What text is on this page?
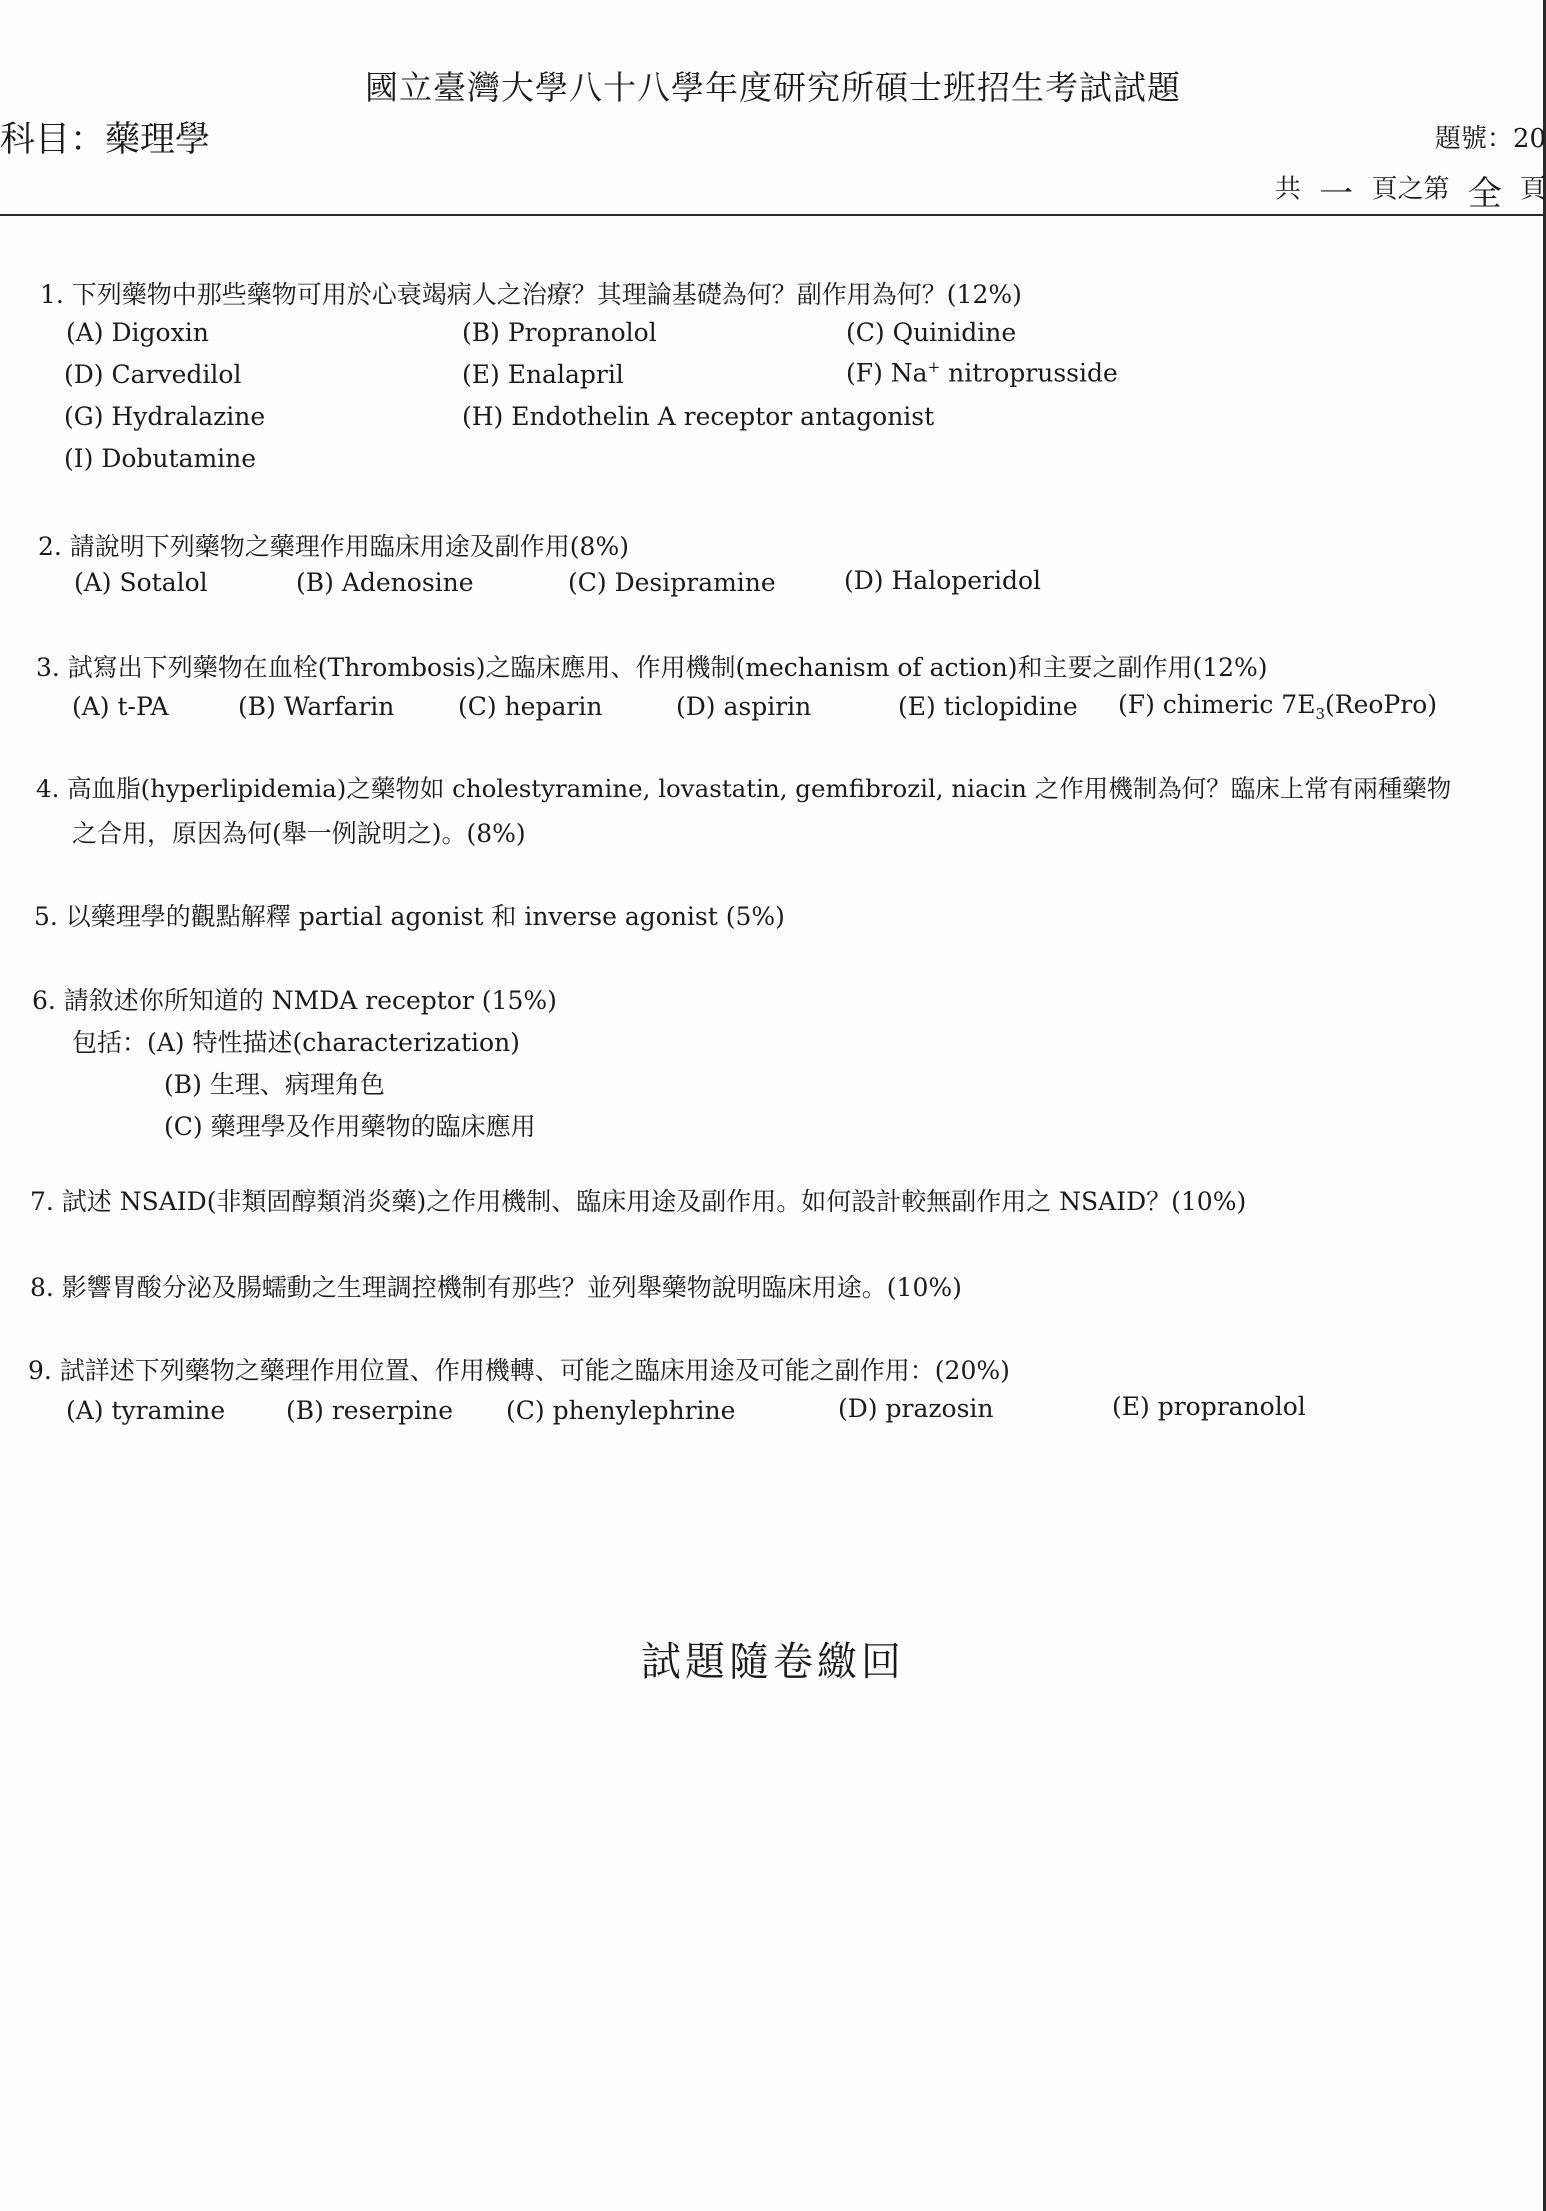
國立臺灣大學八十八學年度研究所碩士班招生考試試題
科目：藥理學	題號：20
共 一 頁之第 全 頁
1. 下列藥物中那些藥物可用於心衰竭病人之治療？其理論基礎為何？副作用為何？(12%)
(A) Digoxin	(B) Propranolol	(C) Quinidine
(D) Carvedilol	(E) Enalapril	(F) Na+ nitroprusside
(G) Hydralazine	(H) Endothelin A receptor antagonist
(I) Dobutamine
2. 請說明下列藥物之藥理作用臨床用途及副作用(8%)
(A) Sotalol	(B) Adenosine	(C) Desipramine	(D) Haloperidol
3. 試寫出下列藥物在血栓(Thrombosis)之臨床應用、作用機制(mechanism of action)和主要之副作用(12%)
(A) t-PA	(B) Warfarin	(C) heparin	(D) aspirin	(E) ticlopidine (F) chimeric $7E_3(ReoPro)$
4. 高血脂(hyperlipidemia)之藥物如 cholestyramine, lovastatin, gemfibrozil, niacin 之作用機制為何？臨床上常有兩種藥物
之合用，原因為何(舉一例說明之)。(8%)
5. 以藥理學的觀點解釋 partial agonist 和 inverse agonist (5%)
6. 請敘述你所知道的 NMDA receptor (15%)
包括：(A) 特性描述(characterization)
(B) 生理、病理角色
(C) 藥理學及作用藥物的臨床應用
7. 試述 NSAID(非類固醇類消炎藥)之作用機制、臨床用途及副作用。如何設計較無副作用之 NSAID？(10%)
8. 影響胃酸分泌及腸蠕動之生理調控機制有那些？並列舉藥物說明臨床用途。(10%)
9. 試詳述下列藥物之藥理作用位置、作用機轉、可能之臨床用途及可能之副作用：(20%)
(A) tyramine (B) reserpine (C) phenylephrine	(D) prazosin	(E) propranolol
試題隨卷繳回
